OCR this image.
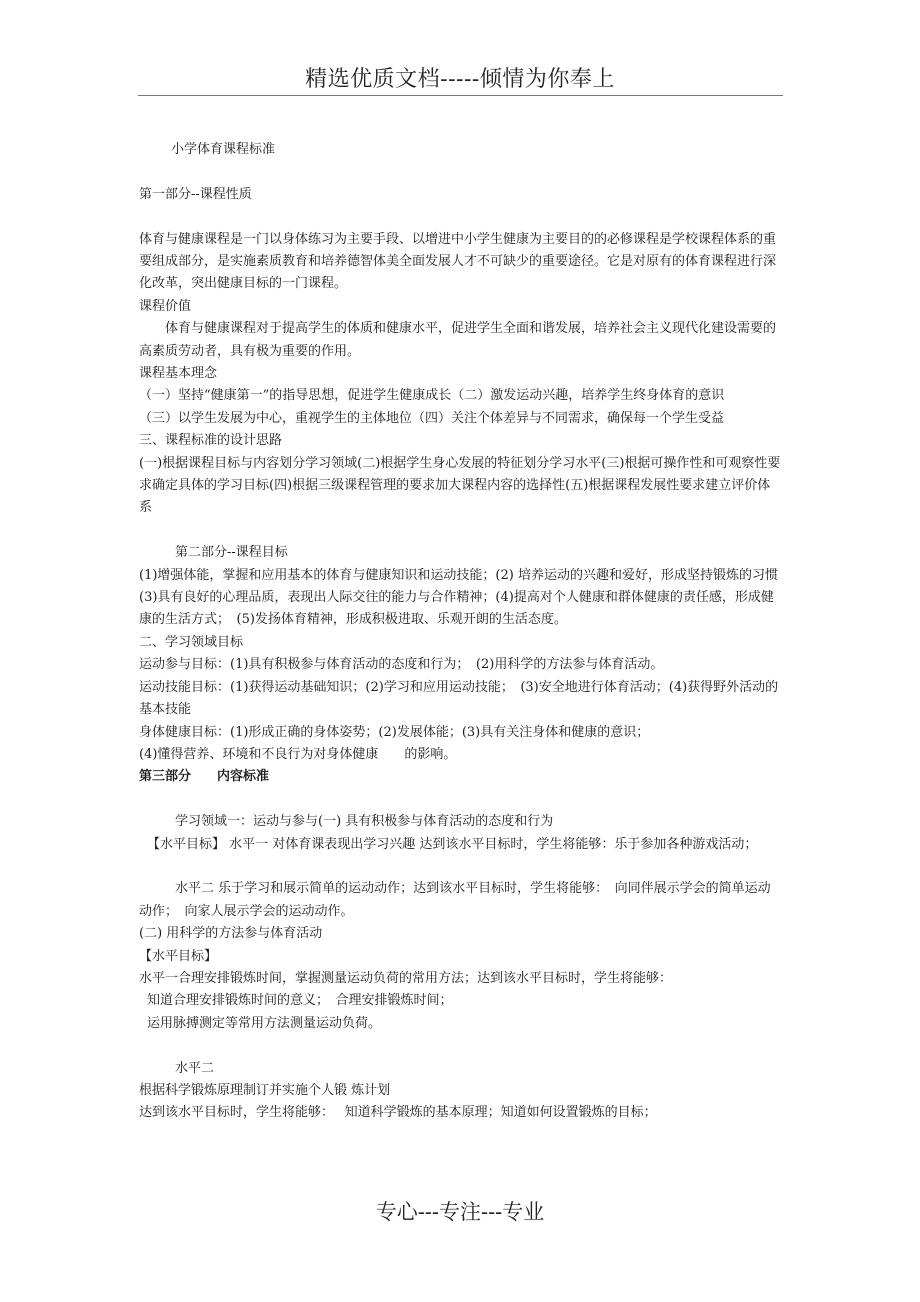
精选优质文档-----倾情为你奉上

小学体育课程标准

第一部分--课程性质

体育与健康课程是一门以身体练习为主要手段、以增进中小学生健康为主要目的的必修课程是学校课程体系的重要组成部分，是实施素质教育和培养德智体美全面发展人才不可缺少的重要途径。它是对原有的体育课程进行深化改革，突出健康目标的一门课程。

课程价值

体育与健康课程对于提高学生的体质和健康水平，促进学生全面和谐发展，培养社会主义现代化建设需要的高素质劳动者，具有极为重要的作用。

课程基本理念

（一）坚持“健康第一”的指导思想，促进学生健康成长（二）激发运动兴趣，培养学生终身体育的意识

（三）以学生发展为中心，重视学生的主体地位（四）关注个体差异与不同需求，确保每一个学生受益

三、课程标准的设计思路

(一)根据课程目标与内容划分学习领域(二)根据学生身心发展的特征划分学习水平(三)根据可操作性和可观察性要求确定具体的学习目标(四)根据三级课程管理的要求加大课程内容的选择性(五)根据课程发展性要求建立评价体系

第二部分--课程目标

(1)增强体能，掌握和应用基本的体育与健康知识和运动技能；(2) 培养运动的兴趣和爱好，形成坚持锻炼的习惯 (3)具有良好的心理品质，表现出人际交往的能力与合作精神；(4)提高对个人健康和群体健康的责任感，形成健康的生活方式；　(5)发扬体育精神，形成积极进取、乐观开朗的生活态度。

二、学习领域目标

运动参与目标：(1)具有积极参与体育活动的态度和行为；　(2)用科学的方法参与体育活动。

运动技能目标：(1)获得运动基础知识；(2)学习和应用运动技能；　(3)安全地进行体育活动；(4)获得野外活动的基本技能

身体健康目标：(1)形成正确的身体姿势；(2)发展体能；(3)具有关注身体和健康的意识；

(4)懂得营养、环境和不良行为对身体健康　　的影响。

第三部分　　内容标准

学习领域一：运动与参与(一) 具有积极参与体育活动的态度和行为

【水平目标】 水平一 对体育课表现出学习兴趣 达到该水平目标时，学生将能够：乐于参加各种游戏活动；

水平二 乐于学习和展示简单的运动动作；达到该水平目标时，学生将能够：　向同伴展示学会的简单运动动作；　向家人展示学会的运动动作。

(二) 用科学的方法参与体育活动

【水平目标】

水平一合理安排锻炼时间，掌握测量运动负荷的常用方法；达到该水平目标时，学生将能够：

知道合理安排锻炼时间的意义；　合理安排锻炼时间；

运用脉搏测定等常用方法测量运动负荷。

水平二

根据科学锻炼原理制订并实施个人锻 炼计划

达到该水平目标时，学生将能够：　 知道科学锻炼的基本原理；知道如何设置锻炼的目标；

专心---专注---专业
